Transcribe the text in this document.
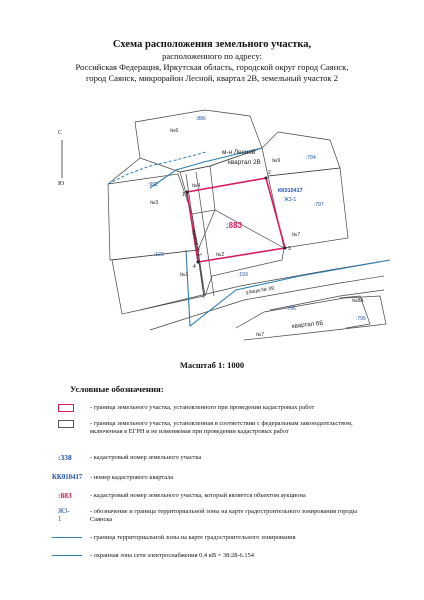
Схема расположения земельного участка,
расположенного по адресу:
Российская Федерация, Иркутская область, городской округ город Саянск,
город Саянск, микрорайон Лесной, квартал 2В, земельный участок 2
С
Ю
№6
:886
№9	:794
№4
:992
№3
:123
№1
№2
№7
:797
:193
№8А
:795
:796
№7
м-н Лесной
квартал 2В
КК010417
Ж3-1
:883
проезд № 3
улица № 39
квартал 6Б
1
2
3
4
Масштаб 1: 1000
Условные обозначения:
- граница земельного участка, установленного при проведении кадастровых работ
- граница земельного участка, установленная в соответствии с федеральным законодательством, включенная в ЕГРН и не изменяемая при проведении кадастровых работ
:338	- кадастровый номер земельного участка
КК010417 - номер кадастрового квартала
:883	- кадастровый номер земельного участка, который является объектом аукциона
Ж3-1
- обозначение и граница территориальной зоны на карте градостроительного зонирования городы Саянска
- граница территориальной зоны на карте градостроительного зонирования
- охранная зона сети электроснабжения 0,4 кВ = 38:28-6.154
